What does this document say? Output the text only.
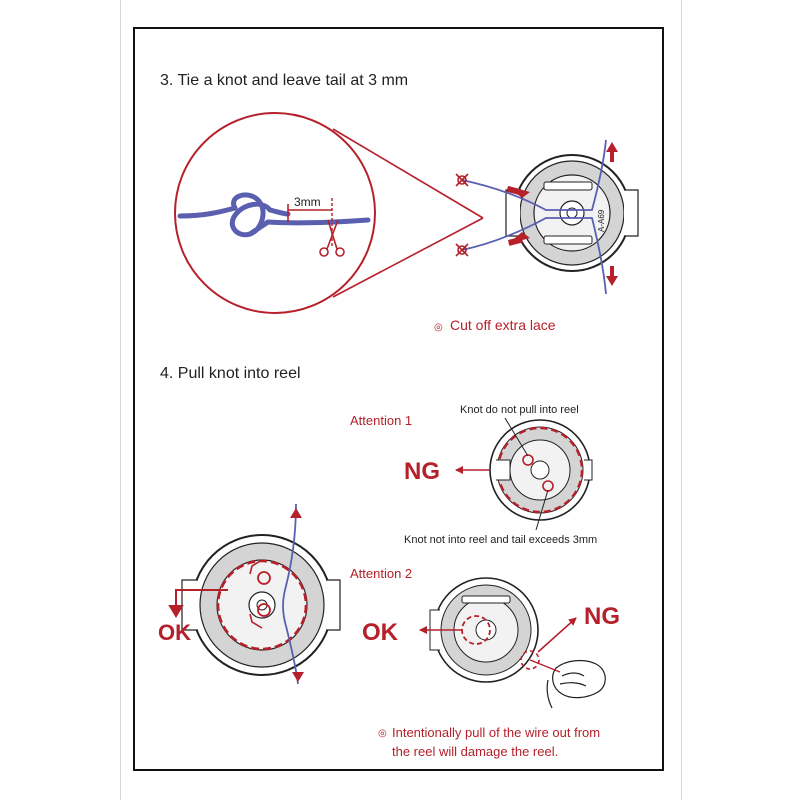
3. Tie a knot and leave tail at 3 mm
3mm
A-A69
◎ Cut off extra lace
4. Pull knot into reel
Attention 1
Knot do not pull into reel
NG
Knot not into reel and tail exceeds 3mm
OK
Attention 2
OK
NG
◎ Intentionally pull of the wire out from
the reel will damage the reel.
